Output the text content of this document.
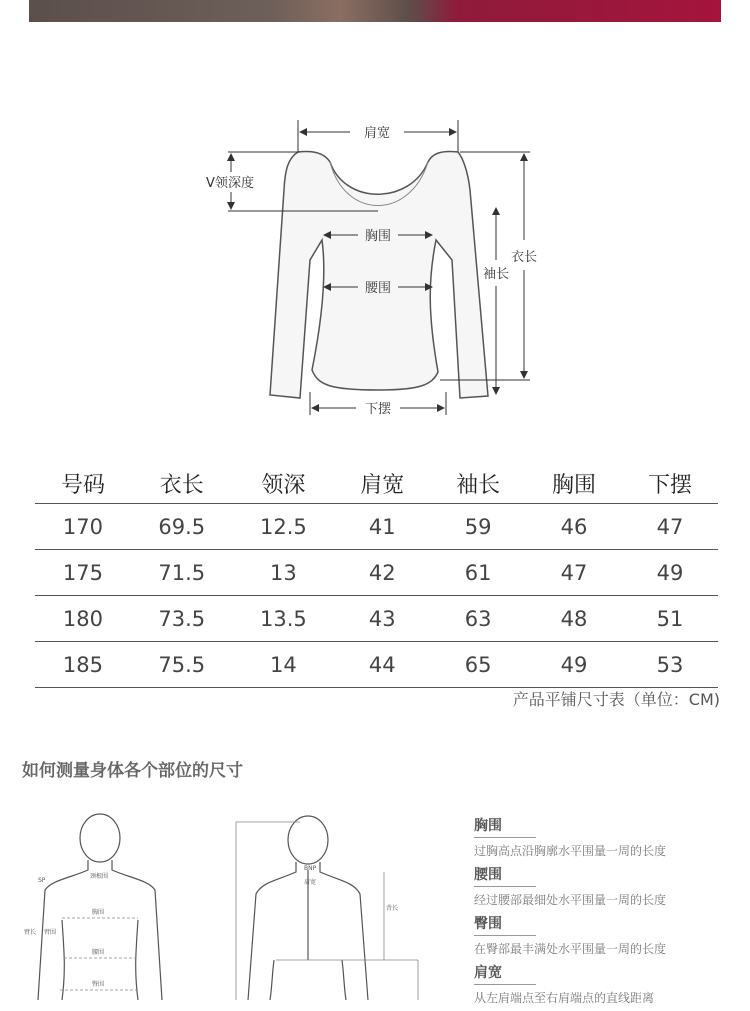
肩宽
V领深度
胸围
腰围
衣长
袖长
下摆
号码	衣长	领深	肩宽	袖长	胸围	下摆
170	69.5	12.5	41	59	46	47
175	71.5	13	42	61	47	49
180	73.5	13.5	43	63	48	51
185	75.5	14	44	65	49	53
产品平铺尺寸表（单位：CM)
如何测量身体各个部位的尺寸
SP
颈根围
胸围
臂围
臂长
腰围
臀围
BNP
肩宽
背长
胸围
过胸高点沿胸廓水平围量一周的长度
腰围
经过腰部最细处水平围量一周的长度
臀围
在臀部最丰满处水平围量一周的长度
肩宽
从左肩端点至右肩端点的直线距离
